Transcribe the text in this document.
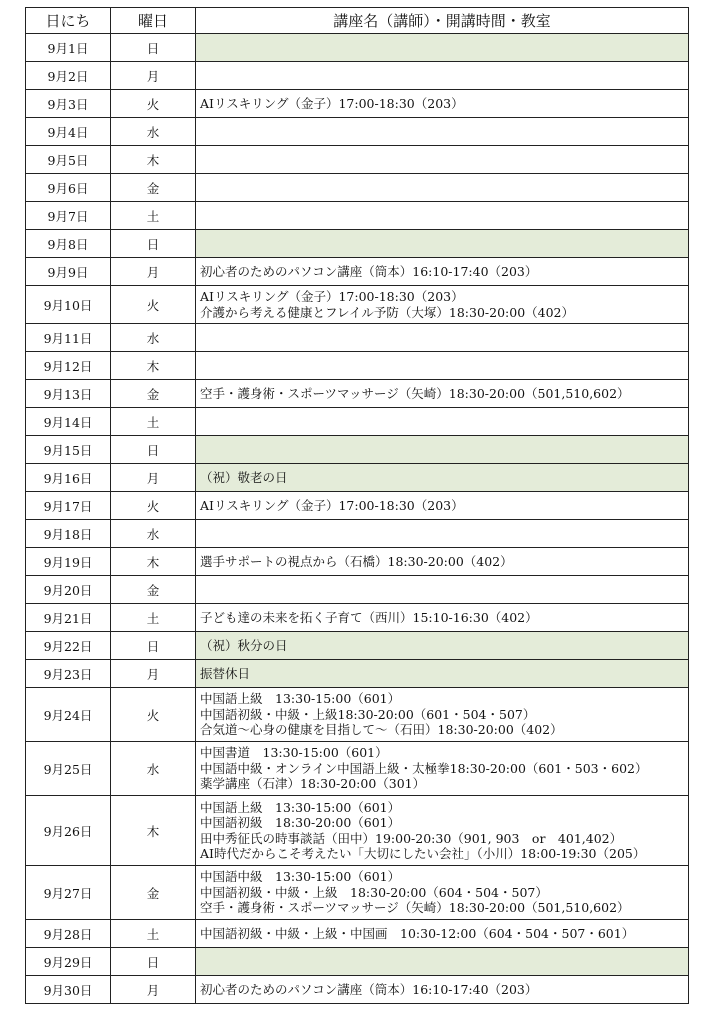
日にち	曜日	講座名（講師）・開講時間・教室
9月1日	日	
9月2日	月	
9月3日	火	AIリスキリング（金子）17:00-18:30（203）

9月4日	水	
9月5日	木	
9月6日	金	
9月7日	土	
9月8日	日	
9月9日	月	初心者のためのパソコン講座（筒本）16:10-17:40（203）

9月10日	火	AIリスキリング（金子）17:00-18:30（203）
介護から考える健康とフレイル予防（大塚）18:30-20:00（402）

9月11日	水	
9月12日	木	
9月13日	金	空手・護身術・スポーツマッサージ（矢崎）18:30-20:00（501,510,602）

9月14日	土	
9月15日	日	
9月16日	月	（祝）敬老の日

9月17日	火	AIリスキリング（金子）17:00-18:30（203）

9月18日	水	
9月19日	木	選手サポートの視点から（石橋）18:30-20:00（402）

9月20日	金	
9月21日	土	子ども達の未来を拓く子育て（西川）15:10-16:30（402）

9月22日	日	（祝）秋分の日

9月23日	月	振替休日

9月24日	火	中国語上級　13:30-15:00（601）
中国語初級・中級・上級18:30-20:00（601・504・507）
合気道～心身の健康を目指して～（石田）18:30-20:00（402）

9月25日	水	中国書道　13:30-15:00（601）
中国語中級・オンライン中国語上級・太極拳18:30-20:00（601・503・602）
薬学講座（石津）18:30-20:00（301）

9月26日	木	中国語上級　13:30-15:00（601）
中国語初級　18:30-20:00（601）
田中秀征氏の時事談話（田中）19:00-20:30（901, 903　or　401,402）
AI時代だからこそ考えたい「大切にしたい会社」（小川）18:00-19:30（205）

9月27日	金	中国語中級　13:30-15:00（601）
中国語初級・中級・上級　18:30-20:00（604・504・507）
空手・護身術・スポーツマッサージ（矢崎）18:30-20:00（501,510,602）

9月28日	土	中国語初級・中級・上級・中国画　10:30-12:00（604・504・507・601）

9月29日	日	
9月30日	月	初心者のためのパソコン講座（筒本）16:10-17:40（203）
